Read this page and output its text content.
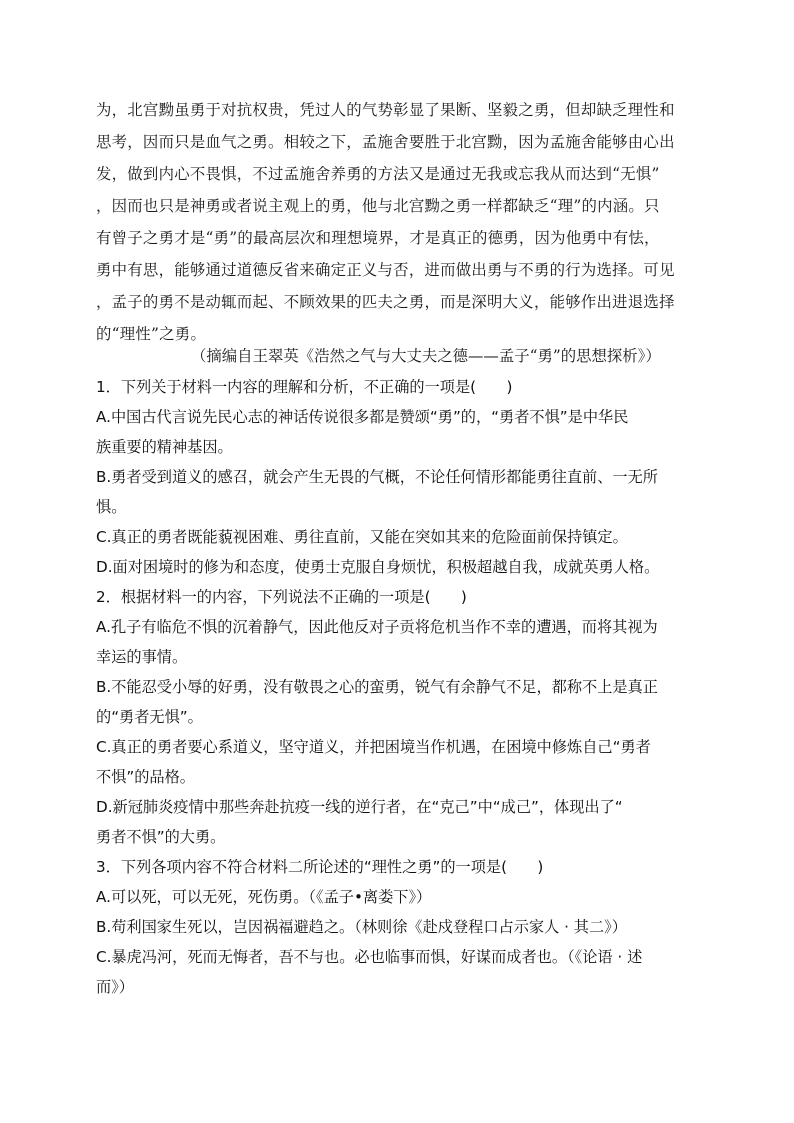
为，北宫黝虽勇于对抗权贵，凭过人的气势彰显了果断、坚毅之勇，但却缺乏理性和
思考，因而只是血气之勇。相较之下，孟施舍要胜于北宫黝，因为孟施舍能够由心出
发，做到内心不畏惧，不过孟施舍养勇的方法又是通过无我或忘我从而达到“无惧”
，因而也只是神勇或者说主观上的勇，他与北宫黝之勇一样都缺乏“理”的内涵。只
有曾子之勇才是“勇”的最高层次和理想境界，才是真正的德勇，因为他勇中有怯，
勇中有思，能够通过道德反省来确定正义与否，进而做出勇与不勇的行为选择。可见
，孟子的勇不是动辄而起、不顾效果的匹夫之勇，而是深明大义，能够作出进退选择
的“理性”之勇。
（摘编自王翠英《浩然之气与大丈夫之德——孟子“勇”的思想探析》）
1．下列关于材料一内容的理解和分析，不正确的一项是(　　)
A.中国古代言说先民心志的神话传说很多都是赞颂“勇”的，“勇者不惧”是中华民
族重要的精神基因。
B.勇者受到道义的感召，就会产生无畏的气概，不论任何情形都能勇往直前、一无所
惧。
C.真正的勇者既能藐视困难、勇往直前，又能在突如其来的危险面前保持镇定。
D.面对困境时的修为和态度，使勇士克服自身烦忧，积极超越自我，成就英勇人格。
2．根据材料一的内容，下列说法不正确的一项是(　　)
A.孔子有临危不惧的沉着静气，因此他反对子贡将危机当作不幸的遭遇，而将其视为
幸运的事情。
B.不能忍受小辱的好勇，没有敬畏之心的蛮勇，锐气有余静气不足，都称不上是真正
的“勇者无惧”。
C.真正的勇者要心系道义，坚守道义，并把困境当作机遇，在困境中修炼自己“勇者
不惧”的品格。
D.新冠肺炎疫情中那些奔赴抗疫一线的逆行者，在“克己”中“成己”，体现出了“
勇者不惧”的大勇。
3．下列各项内容不符合材料二所论述的“理性之勇”的一项是(　　)
A.可以死，可以无死，死伤勇。（《孟子•离娄下》）
B.苟利国家生死以，岂因祸福避趋之。（林则徐《赴戍登程口占示家人 · 其二》）
C.暴虎冯河，死而无悔者，吾不与也。必也临事而惧，好谋而成者也。（《论语 · 述
而》）
